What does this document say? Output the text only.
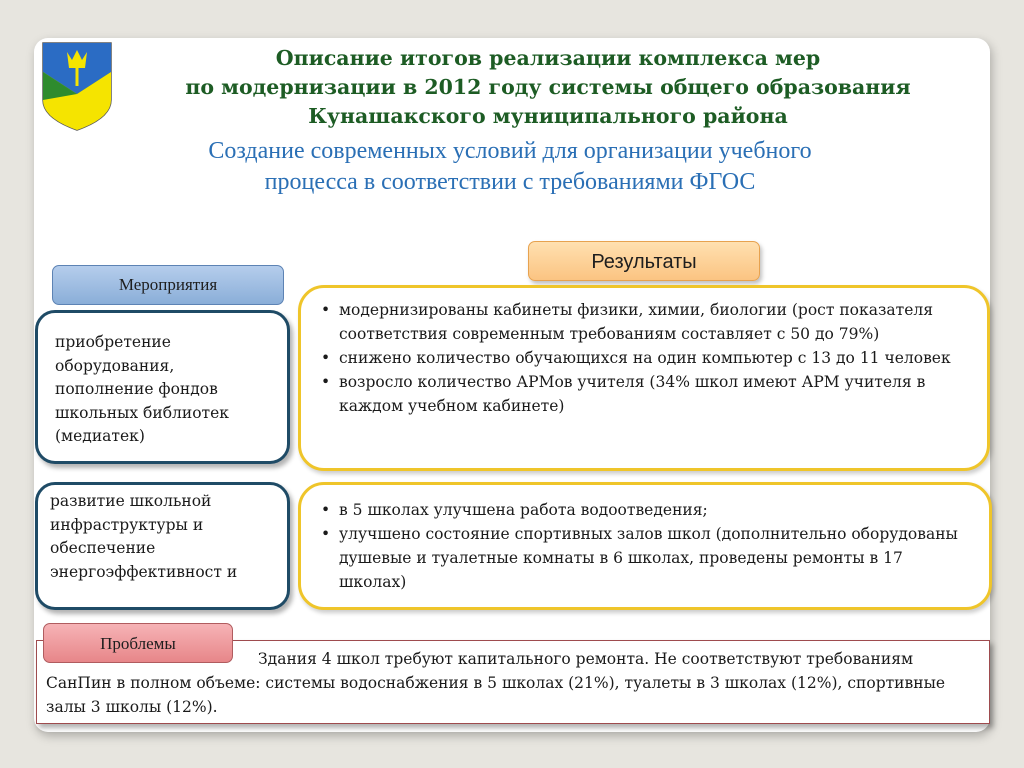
Описание итогов реализации комплекса мер
по модернизации в 2012 году системы общего образования
Кунашакского муниципального района
Создание современных условий для организации учебного
процесса в соответствии с требованиями ФГОС
Мероприятия
Результаты
приобретение оборудования, пополнение фондов школьных библиотек (медиатек)
развитие школьной инфраструктуры и обеспечение энергоэффективност и
• модернизированы кабинеты физики, химии, биологии (рост показателя соответствия современным требованиям составляет с 50 до 79%)
• снижено количество обучающихся на один компьютер с 13 до 11 человек
• возросло количество АРМов учителя (34% школ имеют АРМ учителя в каждом учебном кабинете)
• в 5 школах улучшена работа водоотведения;
• улучшено состояние спортивных залов школ (дополнительно оборудованы душевые и туалетные комнаты в 6 школах, проведены ремонты в 17 школах)
Здания 4 школ требуют капитального ремонта. Не соответствуют требованиям СанПин в полном объеме: системы водоснабжения в 5 школах (21%), туалеты в 3 школах (12%), спортивные залы 3 школы (12%).
Проблемы
